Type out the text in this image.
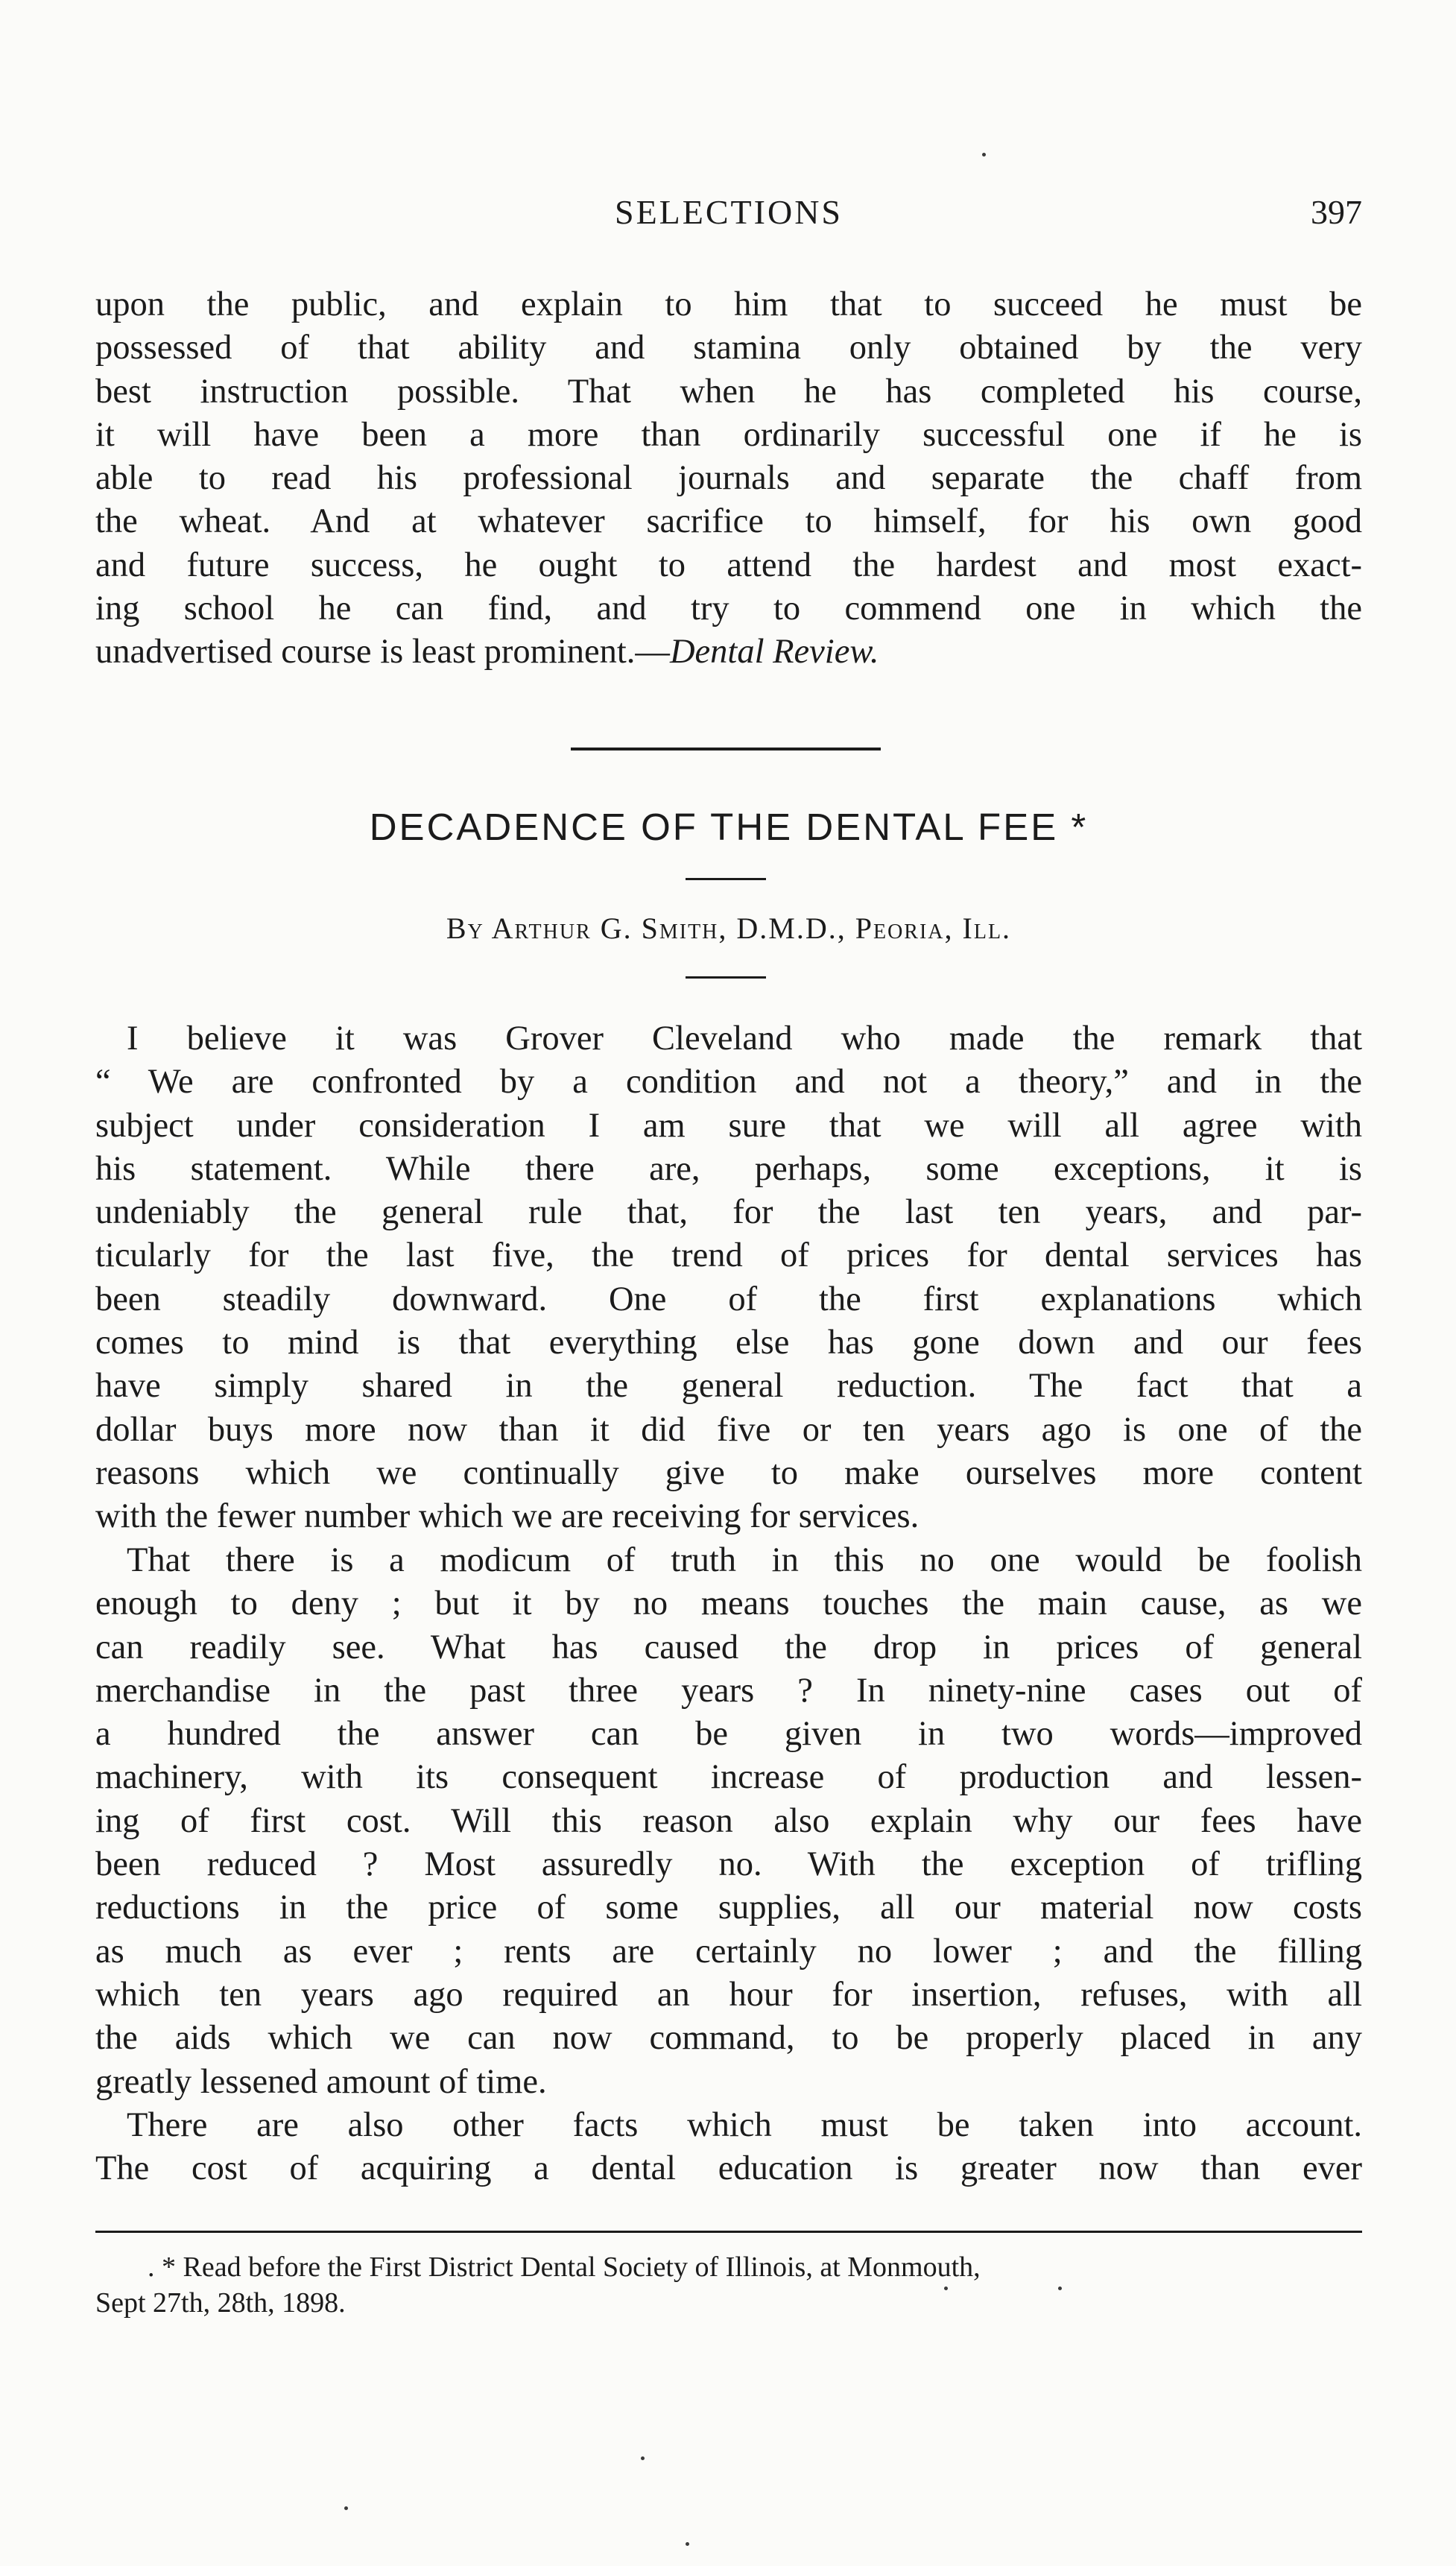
SELECTIONS	397

upon the public, and explain to him that to succeed he must be
possessed of that ability and stamina only obtained by the very
best instruction possible. That when he has completed his course,
it will have been a more than ordinarily successful one if he is
able to read his professional journals and separate the chaff from
the wheat. And at whatever sacrifice to himself, for his own good
and future success, he ought to attend the hardest and most exact-
ing school he can find, and try to commend one in which the
unadvertised course is least prominent.—Dental Review.

DECADENCE OF THE DENTAL FEE *
By Arthur G. Smith, D.M.D., Peoria, Ill.

I believe it was Grover Cleveland who made the remark that
“ We are confronted by a condition and not a theory,” and in the
subject under consideration I am sure that we will all agree with
his statement. While there are, perhaps, some exceptions, it is
undeniably the general rule that, for the last ten years, and par-
ticularly for the last five, the trend of prices for dental services has
been steadily downward. One of the first explanations which
comes to mind is that everything else has gone down and our fees
have simply shared in the general reduction. The fact that a
dollar buys more now than it did five or ten years ago is one of the
reasons which we continually give to make ourselves more content
with the fewer number which we are receiving for services.

That there is a modicum of truth in this no one would be foolish
enough to deny ; but it by no means touches the main cause, as we
can readily see. What has caused the drop in prices of general
merchandise in the past three years ? In ninety-nine cases out of
a hundred the answer can be given in two words—improved
machinery, with its consequent increase of production and lessen-
ing of first cost. Will this reason also explain why our fees have
been reduced ? Most assuredly no. With the exception of trifling
reductions in the price of some supplies, all our material now costs
as much as ever ; rents are certainly no lower ; and the filling
which ten years ago required an hour for insertion, refuses, with all
the aids which we can now command, to be properly placed in any
greatly lessened amount of time.

There are also other facts which must be taken into account.
The cost of acquiring a dental education is greater now than ever

. * Read before the First District Dental Society of Illinois, at Monmouth,
Sept 27th, 28th, 1898.
